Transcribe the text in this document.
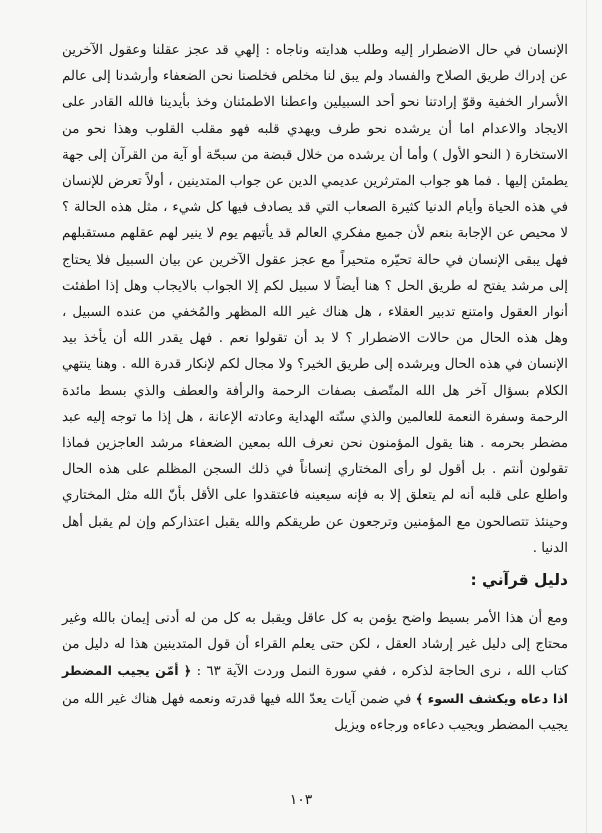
الإنسان في حال الاضطرار إليه وطلب هدايته وناجاه : إلهي قد عجز عقلنا وعقول الآخرين عن إدراك طريق الصلاح والفساد ولم يبق لنا مخلص فخلصنا نحن الضعفاء وأرشدنا إلى عالم الأسرار الخفية وقوّ إرادتنا نحو أحد السبيلين واعطنا الاطمئنان وخذ بأيدينا فالله القادر على الايجاد والاعدام اما أن يرشده نحو طرف ويهدي قلبه فهو مقلب القلوب وهذا نحو من الاستخارة ( النحو الأول ) وأما أن يرشده من خلال قبضة من سبحّة أو آية من القرآن إلى جهة يطمئن إليها . فما هو جواب المترثرين عديمي الدين عن جواب المتدينين ، أولاً تعرض للإنسان في هذه الحياة وأيام الدنيا كثيرة الصعاب التي قد يصادف فيها كل شيء ، مثل هذه الحالة ؟ لا محيص عن الإجابة بنعم لأن جميع مفكري العالم قد يأتيهم يوم لا ينير لهم عقلهم مستقبلهم فهل يبقى الإنسان في حالة تحيّره متحيراً مع عجز عقول الآخرين عن بيان السبيل فلا يحتاج إلى مرشد يفتح له طريق الحل ؟ هنا أيضاً لا سبيل لكم إلا الجواب بالايجاب وهل إذا اطفئت أنوار العقول وامتنع تدبير العقلاء ، هل هناك غير الله المظهر والمُخفي من عنده السبيل ، وهل هذه الحال من حالات الاضطرار ؟ لا بد أن تقولوا نعم . فهل يقدر الله أن يأخذ بيد الإنسان في هذه الحال ويرشده إلى طريق الخير؟ ولا مجال لكم لإنكار قدرة الله . وهنا ينتهي الكلام بسؤال آخر هل الله المتّصف بصفات الرحمة والرأفة والعطف والذي بسط مائدة الرحمة وسفرة النعمة للعالمين والذي سنّته الهداية وعادته الإعانة ، هل إذا ما توجه إليه عبد مضطر بحرمه . هنا يقول المؤمنون نحن نعرف الله بمعين الضعفاء مرشد العاجزين فماذا تقولون أنتم . بل أقول لو رأى المختاري إنساناً في ذلك السجن المظلم على هذه الحال واطلع على قلبه أنه لم يتعلق إلا به فإنه سيعينه فاعتقدوا على الأقل بأنّ الله مثل المختاري وحينئذ تتصالحون مع المؤمنين وترجعون عن طريقكم والله يقبل اعتذاركم وإن لم يقبل أهل الدنيا .

دليل قرآني :

ومع أن هذا الأمر بسيط واضح يؤمن به كل عاقل ويقبل به كل من له أدنى إيمان بالله وغير محتاج إلى دليل غير إرشاد العقل ، لكن حتى يعلم القراء أن قول المتدينين هذا له دليل من كتاب الله ، نرى الحاجة لذكره ، ففي سورة النمل وردت الآية ٦٣ : ﴿ أمّن يجيب المضطر اذا دعاه ويكشف السوء ﴾ في ضمن آيات يعدّ الله فيها قدرته ونعمه فهل هناك غير الله من يجيب المضطر ويجيب دعاءه ورجاءه ويزيل

١٠٣
